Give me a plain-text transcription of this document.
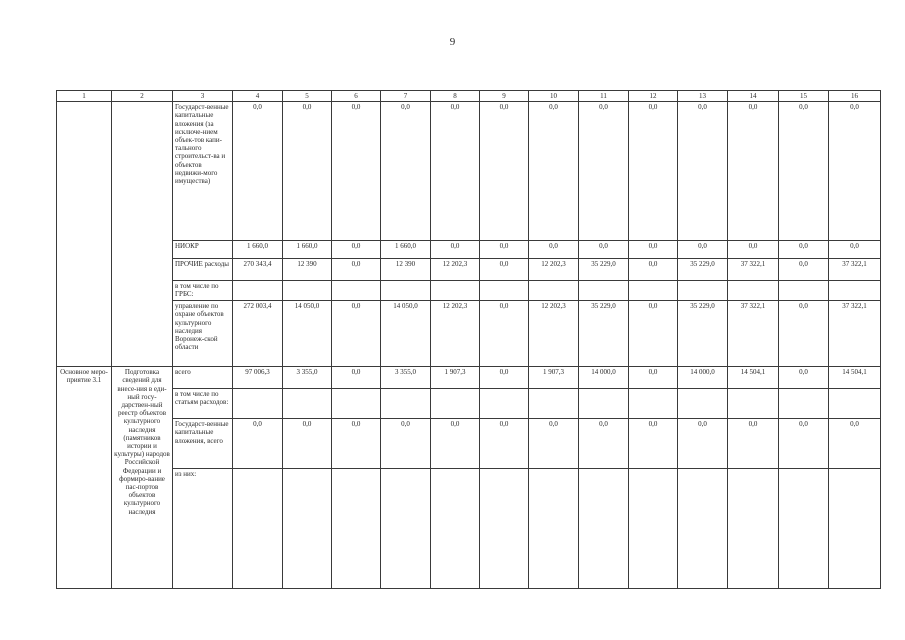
9
1	2	3	4	5	6	7	8	9	10	11	12	13	14	15	16
		Государст-венные капитальные вложения (за исключе-нием объек-тов капи-тального строительст-ва и объектов недвижи-мого имущества)	0,0	0,0	0,0	0,0	0,0	0,0	0,0	0,0	0,0	0,0	0,0	0,0	0,0
		НИОКР	1 660,0	1 660,0	0,0	1 660,0	0,0	0,0	0,0	0,0	0,0	0,0	0,0	0,0	0,0
		ПРОЧИЕ расходы	270 343,4	12 390	0,0	12 390	12 202,3	0,0	12 202,3	35 229,0	0,0	35 229,0	37 322,1	0,0	37 322,1
		в том числе по ГРБС:													
		управление по охране объектов культурного наследия Воронеж-ской области	272 003,4	14 050,0	0,0	14 050,0	12 202,3	0,0	12 202,3	35 229,0	0,0	35 229,0	37 322,1	0,0	37 322,1
Основное меро-приятие 3.1	Подготовка сведений для внесе-ния в еди-ный госу-дарствен-ный реестр объектов культурного наследия (памятников истории и культуры) народов Российской Федерации и формиро-вание пас-портов объектов культурного наследия	всего	97 006,3	3 355,0	0,0	3 355,0	1 907,3	0,0	1 907,3	14 000,0	0,0	14 000,0	14 504,1	0,0	14 504,1
		в том числе по статьям расходов:													
		Государст-венные капитальные вложения, всего	0,0	0,0	0,0	0,0	0,0	0,0	0,0	0,0	0,0	0,0	0,0	0,0	0,0
		из них:													
